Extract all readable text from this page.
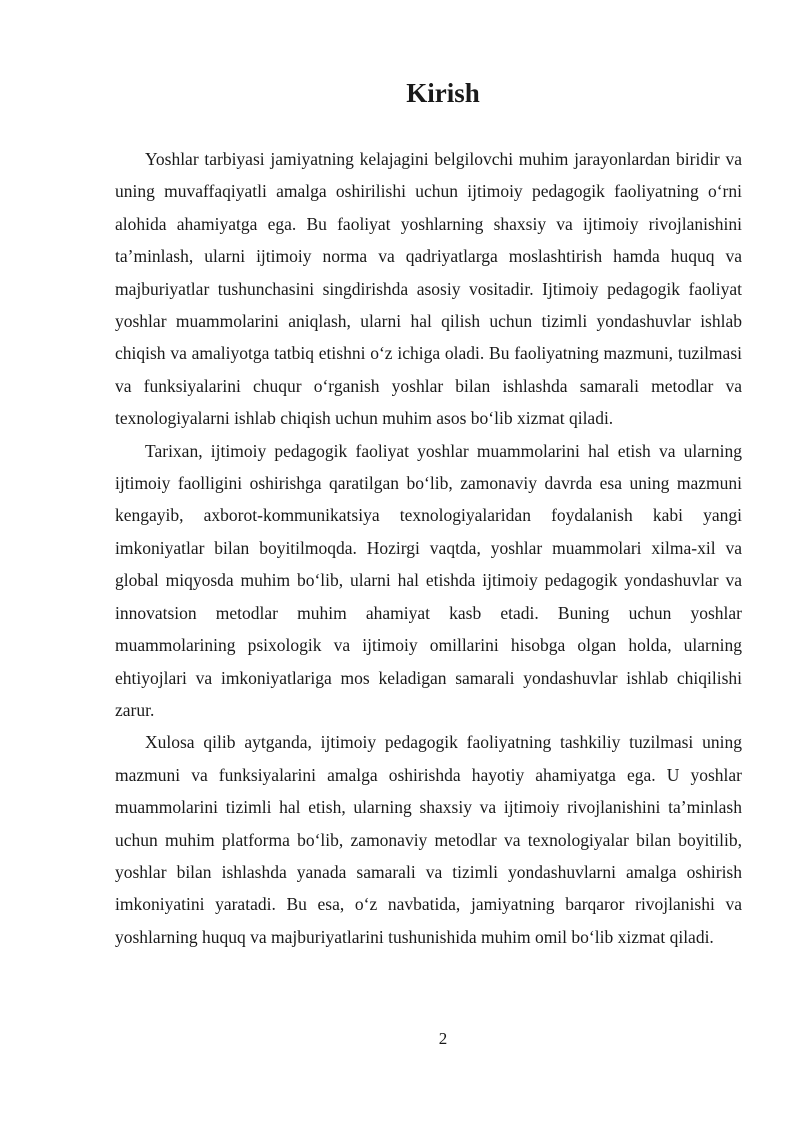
Kirish

Yoshlar tarbiyasi jamiyatning kelajagini belgilovchi muhim jarayonlardan biridir va uning muvaffaqiyatli amalga oshirilishi uchun ijtimoiy pedagogik faoliyatning o‘rni alohida ahamiyatga ega. Bu faoliyat yoshlarning shaxsiy va ijtimoiy rivojlanishini ta’minlash, ularni ijtimoiy norma va qadriyatlarga moslashtirish hamda huquq va majburiyatlar tushunchasini singdirishda asosiy vositadir. Ijtimoiy pedagogik faoliyat yoshlar muammolarini aniqlash, ularni hal qilish uchun tizimli yondashuvlar ishlab chiqish va amaliyotga tatbiq etishni o‘z ichiga oladi. Bu faoliyatning mazmuni, tuzilmasi va funksiyalarini chuqur o‘rganish yoshlar bilan ishlashda samarali metodlar va texnologiyalarni ishlab chiqish uchun muhim asos bo‘lib xizmat qiladi.

Tarixan, ijtimoiy pedagogik faoliyat yoshlar muammolarini hal etish va ularning ijtimoiy faolligini oshirishga qaratilgan bo‘lib, zamonaviy davrda esa uning mazmuni kengayib, axborot-kommunikatsiya texnologiyalaridan foydalanish kabi yangi imkoniyatlar bilan boyitilmoqda. Hozirgi vaqtda, yoshlar muammolari xilma-xil va global miqyosda muhim bo‘lib, ularni hal etishda ijtimoiy pedagogik yondashuvlar va innovatsion metodlar muhim ahamiyat kasb etadi. Buning uchun yoshlar muammolarining psixologik va ijtimoiy omillarini hisobga olgan holda, ularning ehtiyojlari va imkoniyatlariga mos keladigan samarali yondashuvlar ishlab chiqilishi zarur.

Xulosa qilib aytganda, ijtimoiy pedagogik faoliyatning tashkiliy tuzilmasi uning mazmuni va funksiyalarini amalga oshirishda hayotiy ahamiyatga ega. U yoshlar muammolarini tizimli hal etish, ularning shaxsiy va ijtimoiy rivojlanishini ta’minlash uchun muhim platforma bo‘lib, zamonaviy metodlar va texnologiyalar bilan boyitilib, yoshlar bilan ishlashda yanada samarali va tizimli yondashuvlarni amalga oshirish imkoniyatini yaratadi. Bu esa, o‘z navbatida, jamiyatning barqaror rivojlanishi va yoshlarning huquq va majburiyatlarini tushunishida muhim omil bo‘lib xizmat qiladi.

2
